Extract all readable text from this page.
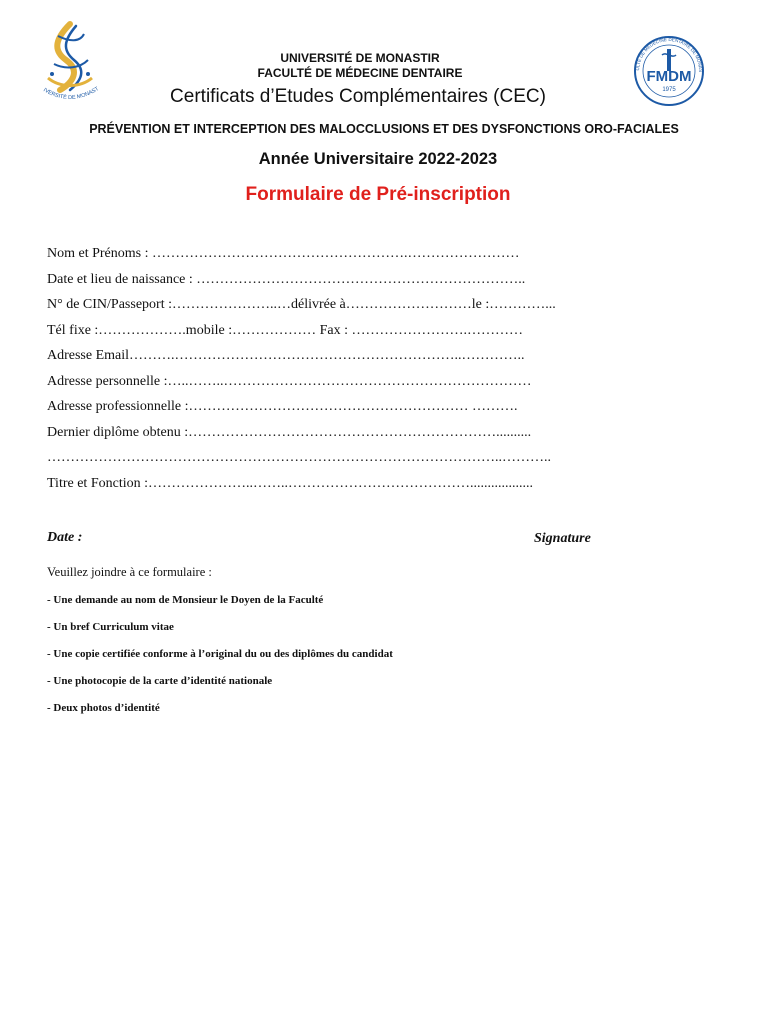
IVERSITÉ DE MONAST
ULTÉ DE MÉDECINE DENTAIRE DE MONAS
FMDM
1975
UNIVERSITÉ DE MONASTIR
FACULTÉ DE MÉDECINE DENTAIRE
Certificats d’Etudes Complémentaires (CEC)
PRÉVENTION ET INTERCEPTION DES MALOCCLUSIONS ET DES DYSFONCTIONS ORO-FACIALES
Année Universitaire 2022-2023
Formulaire de Pré-inscription
Nom et Prénoms : ……………………………………………….……………………
Date et lieu de naissance : ……………………………………………………………..
N° de CIN/Passeport :…………………..…délivrée à………………………le :…………...
Tél fixe :……………….mobile :……………… Fax : …………………….…………
Adresse Email……….……………………………………………………..…………..
Adresse personnelle :…..……..…………………………………………………………
Adresse professionnelle :…………………………………………………… ……….
Dernier diplôme obtenu :…………………………………………………………..........
……………………………………………………………………………………..………..
Titre et Fonction :…………………..……..…………………………………..................
Date :	Signature
Veuillez joindre à ce formulaire :
- Une demande au nom de Monsieur le Doyen de la Faculté
- Un bref Curriculum vitae
- Une copie certifiée conforme à l’original du ou des diplômes du candidat
- Une photocopie de la carte d’identité nationale
- Deux photos d’identité
